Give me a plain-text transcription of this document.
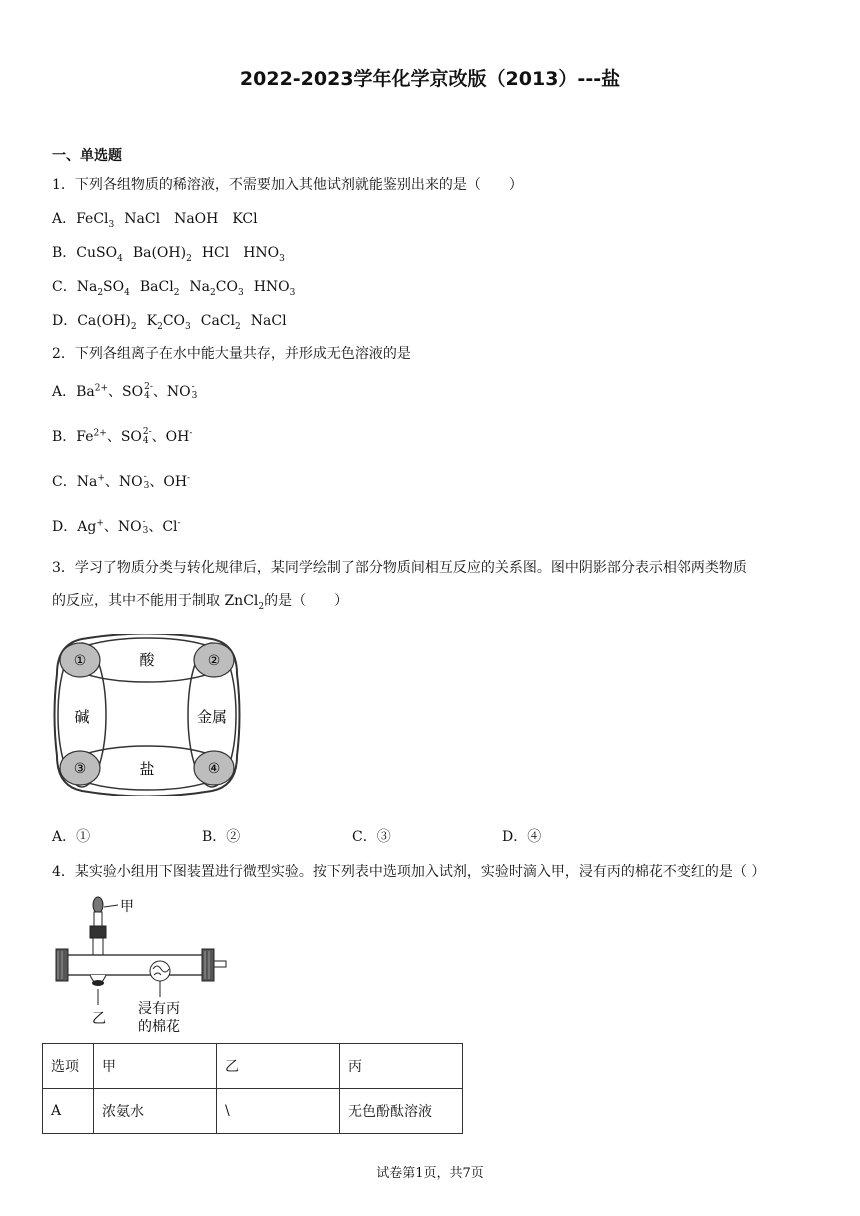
2022-2023学年化学京改版（2013）---盐
一、单选题
1．下列各组物质的稀溶液，不需要加入其他试剂就能鉴别出来的是（　　）
A．FeCl$_3$ NaCl　NaOH　KCl
B．CuSO$_4$ $Ba(OH)_2$ HCl　$HNO_3$
C．$Na_2SO_4$ BaCl$_2$ $Na_2CO_3$ $HNO_3$
D．$Ca(OH)_2$ $K_2CO_3$ CaCl$_2$ NaCl
2．下列各组离子在水中能大量共存，并形成无色溶液的是
A．$Ba^{2+}$、SO 2-
4 、NO -
3
B．$Fe^{2+}$、SO 2-
4 、OH-
C．Na+、NO -
3 、OH-
D．Ag+、NO -
3 、Cl-
3．学习了物质分类与转化规律后，某同学绘制了部分物质间相互反应的关系图。图中阴影部分表示相邻两类物质
的反应，其中不能用于制取 ZnCl$_2$的是（　　）
酸
碱	金属
盐
①	②
③	④
A．①	B．②	C．③	D．④
4．某实验小组用下图装置进行微型实验。按下列表中选项加入试剂，实验时滴入甲，浸有丙的棉花不变红的是（ ）
甲
乙
浸有丙
的棉花
选项	甲	乙	丙
A	浓氨水	\	无色酚酞溶液
试卷第1页，共7页
